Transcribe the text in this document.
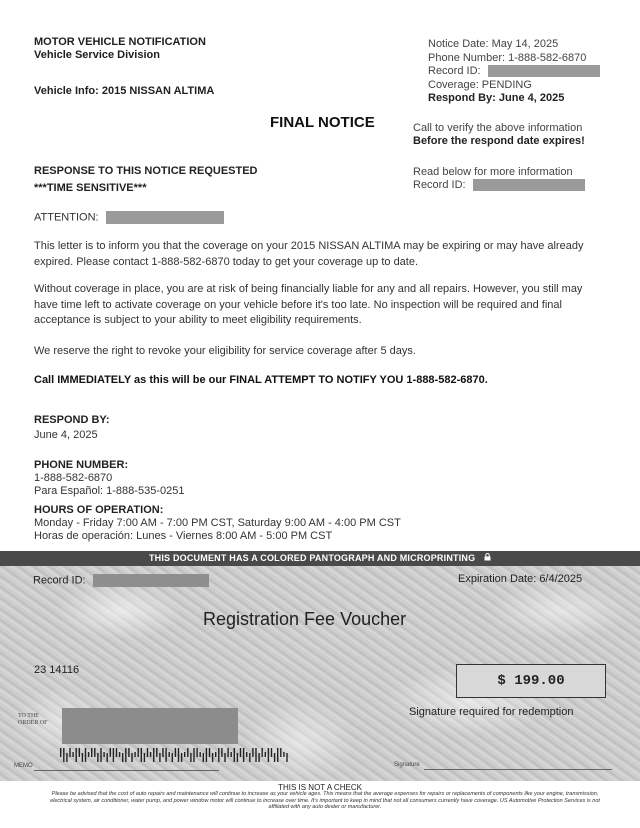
MOTOR VEHICLE NOTIFICATION
Vehicle Service Division
Vehicle Info: 2015 NISSAN ALTIMA
Notice Date: May 14, 2025
Phone Number: 1-888-582-6870
Record ID:
Coverage: PENDING
Respond By: June 4, 2025
FINAL NOTICE	Call to verify the above information
Before the respond date expires!
RESPONSE TO THIS NOTICE REQUESTED
***TIME SENSITIVE***
Read below for more information
Record ID:
ATTENTION:
This letter is to inform you that the coverage on your 2015 NISSAN ALTIMA may be expiring or may have already expired. Please contact 1-888-582-6870 today to get your coverage up to date.
Without coverage in place, you are at risk of being financially liable for any and all repairs. However, you still may have time left to activate coverage on your vehicle before it's too late. No inspection will be required and final acceptance is subject to your ability to meet eligibility requirements.
We reserve the right to revoke your eligibility for service coverage after 5 days.
Call IMMEDIATELY as this will be our FINAL ATTEMPT TO NOTIFY YOU 1-888-582-6870.
RESPOND BY:
June 4, 2025
PHONE NUMBER:
1-888-582-6870
Para Español: 1-888-535-0251
HOURS OF OPERATION:
Monday - Friday 7:00 AM - 7:00 PM CST, Saturday 9:00 AM - 4:00 PM CST
Horas de operación: Lunes - Viernes 8:00 AM - 5:00 PM CST
THIS DOCUMENT HAS A COLORED PANTOGRAPH AND MICROPRINTING
Record ID:	Expiration Date: 6/4/2025
Registration Fee Voucher
23 14116
$ 199.00
Signature required for redemption
TO THE
ORDER OF
MEMO	Signature
THIS IS NOT A CHECK
Please be advised that the cost of auto repairs and maintenance will continue to increase as your vehicle ages. This means that the average expenses for repairs or replacements of components like your engine, transmission, electrical system, air conditioner, water pump, and power window motor will continue to increase over time. It's important to keep in mind that not all consumers currently have coverage. US Automotive Protection Services is not affiliated with any auto dealer or manufacturer.
